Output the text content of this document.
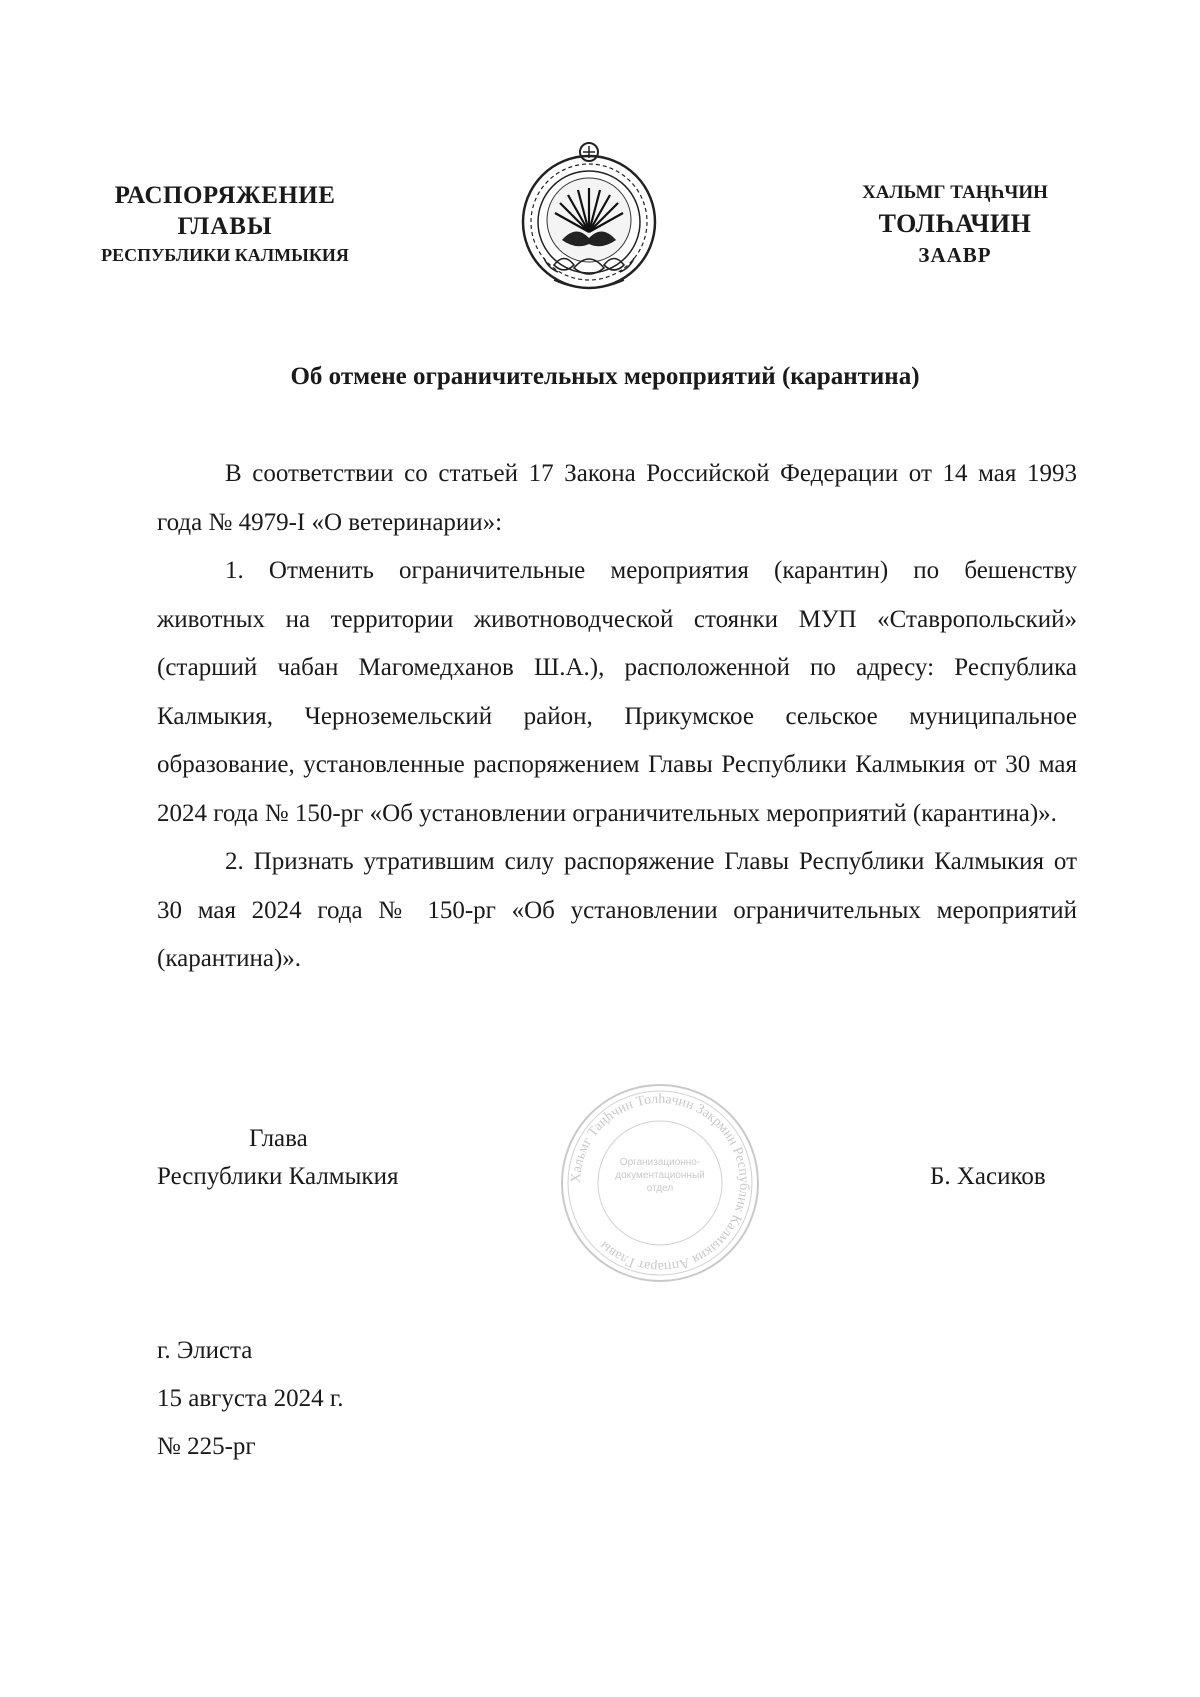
РАСПОРЯЖЕНИЕ
ГЛАВЫ
РЕСПУБЛИКИ КАЛМЫКИЯ
ХАЛЬМГ ТАҢҺЧИН
ТОЛҺАЧИН
ЗААВР
Об отмене ограничительных мероприятий (карантина)

В соответствии со статьей 17 Закона Российской Федерации от 14 мая 1993 года № 4979-I «О ветеринарии»:

1. Отменить ограничительные мероприятия (карантин) по бешенству животных на территории животноводческой стоянки МУП «Ставропольский» (старший чабан Магомедханов Ш.А.), расположенной по адресу: Республика Калмыкия, Черноземельский район, Прикумское сельское муниципальное образование, установленные распоряжением Главы Республики Калмыкия от 30 мая 2024 года № 150-рг «Об установлении ограничительных мероприятий (карантина)».

2. Признать утратившим силу распоряжение Главы Республики Калмыкия от 30 мая 2024 года № 150-рг «Об установлении ограничительных мероприятий (карантина)».

Глава
Республики Калмыкия	Хальмг Таңһчин Толһачин Закрмин Республик Калмыкия Аппарат Главы
Организационно-документационный отдел	Б. Хасиков
г. Элиста
15 августа 2024 г.
№ 225-рг
